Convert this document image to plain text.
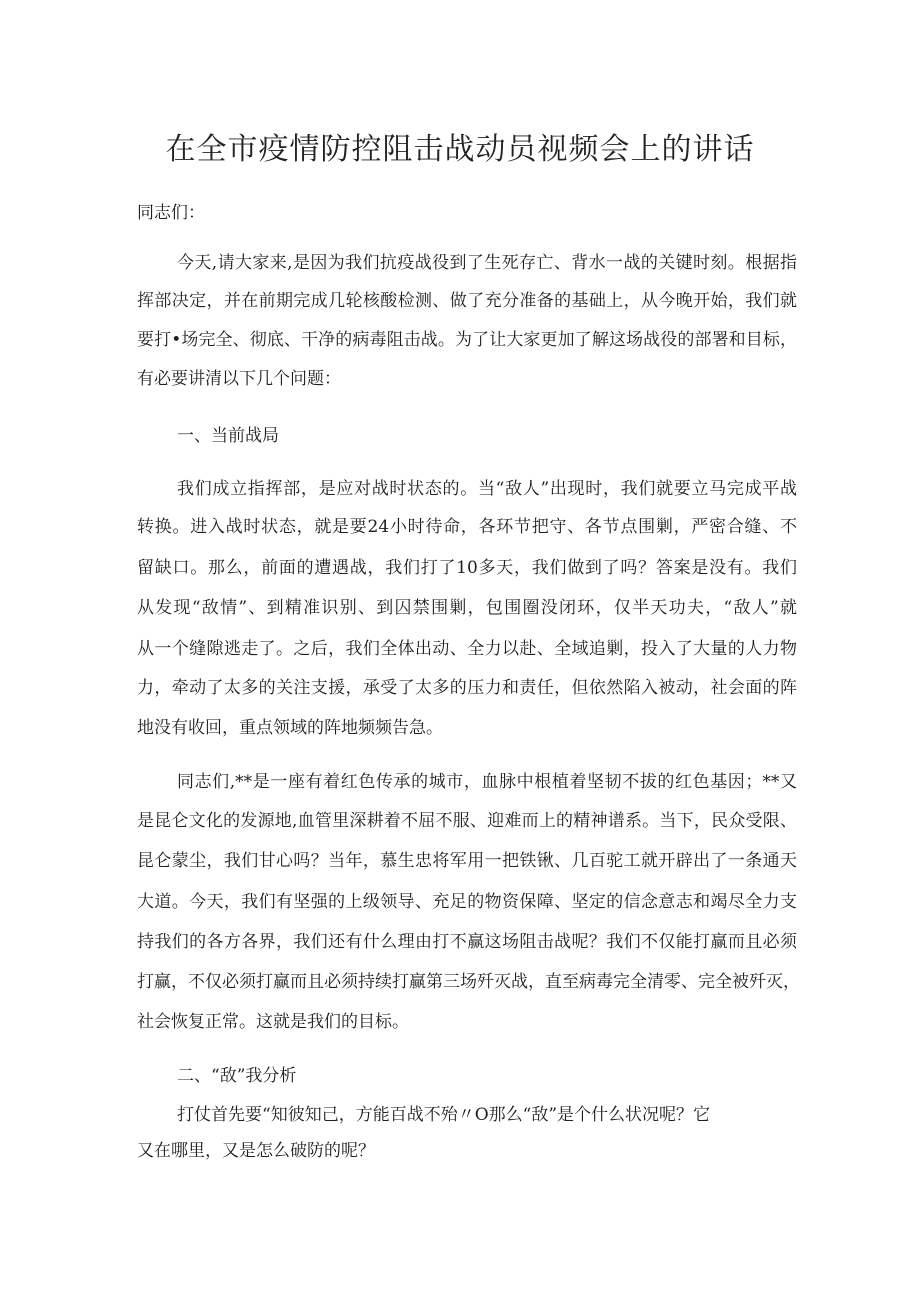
在全市疫情防控阻击战动员视频会上的讲话

同志们：

今天,请大家来,是因为我们抗疫战役到了生死存亡、背水一战的关键时刻。根据指

挥部决定，并在前期完成几轮核酸检测、做了充分准备的基础上，从今晚开始，我们就

要打•场完全、彻底、干净的病毒阻击战。为了让大家更加了解这场战役的部署和目标，

有必要讲清以下几个问题：

一、当前战局

我们成立指挥部，是应对战时状态的。当“敌人”出现时，我们就要立马完成平战

转换。进入战时状态，就是要24小时待命，各环节把守、各节点围剿，严密合缝、不

留缺口。那么，前面的遭遇战，我们打了10多天，我们做到了吗？答案是没有。我们

从发现“敌情”、到精准识别、到囚禁围剿，包围圈没闭环，仅半天功夫，“敌人”就

从一个缝隙逃走了。之后，我们全体出动、全力以赴、全域追剿，投入了大量的人力物

力，牵动了太多的关注支援，承受了太多的压力和责任，但依然陷入被动，社会面的阵

地没有收回，重点领域的阵地频频告急。

同志们,**是一座有着红色传承的城市，血脉中根植着坚韧不拔的红色基因；**又

是昆仑文化的发源地,血管里深耕着不屈不服、迎难而上的精神谱系。当下，民众受限、

昆仑蒙尘，我们甘心吗？当年，慕生忠将军用一把铁锹、几百驼工就开辟出了一条通天

大道。今天，我们有坚强的上级领导、充足的物资保障、坚定的信念意志和竭尽全力支

持我们的各方各界，我们还有什么理由打不赢这场阻击战呢？我们不仅能打赢而且必须

打赢，不仅必须打赢而且必须持续打赢第三场歼灭战，直至病毒完全清零、完全被歼灭，

社会恢复正常。这就是我们的目标。

二、“敌”我分析

打仗首先要“知彼知己，方能百战不殆〃O那么“敌”是个什么状况呢？它

又在哪里，又是怎么破防的呢？
